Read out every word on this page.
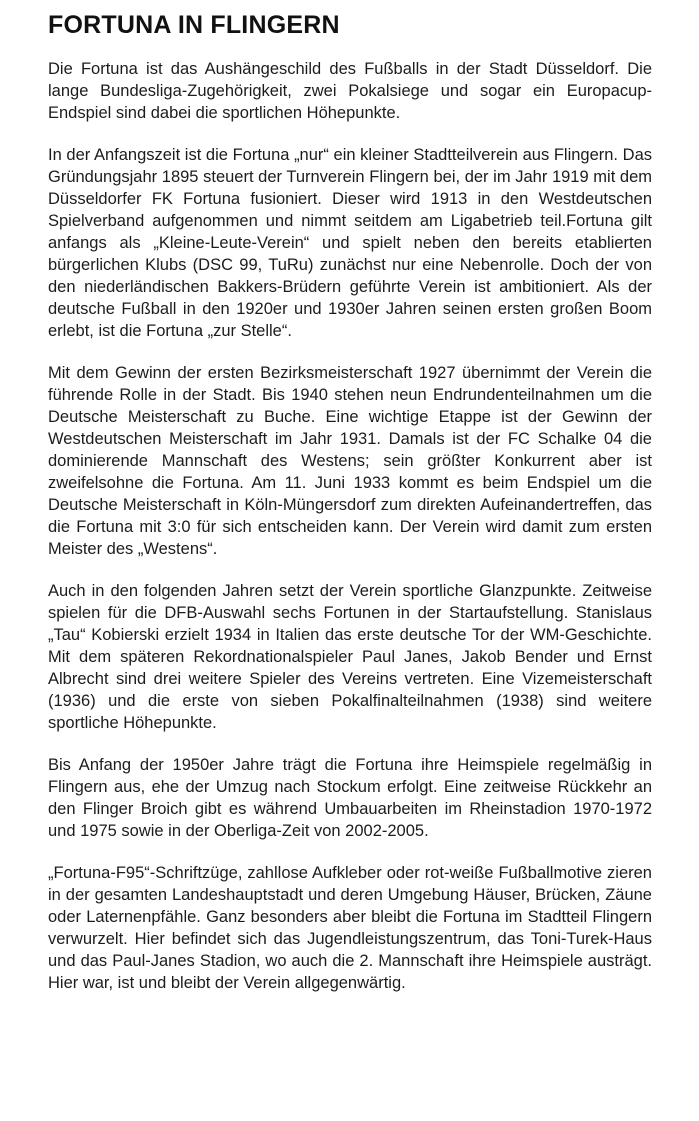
FORTUNA IN FLINGERN

Die Fortuna ist das Aushängeschild des Fußballs in der Stadt Düsseldorf. Die lange Bundesliga-Zugehörigkeit, zwei Pokalsiege und sogar ein Europacup-Endspiel sind dabei die sportlichen Höhepunkte.

In der Anfangszeit ist die Fortuna „nur“ ein kleiner Stadtteilverein aus Flingern. Das Gründungsjahr 1895 steuert der Turnverein Flingern bei, der im Jahr 1919 mit dem Düsseldorfer FK Fortuna fusioniert. Dieser wird 1913 in den Westdeutschen Spielverband aufgenommen und nimmt seitdem am Ligabetrieb teil.Fortuna gilt anfangs als „Kleine-Leute-Verein“ und spielt neben den bereits etablierten bürgerlichen Klubs (DSC 99, TuRu) zunächst nur eine Nebenrolle. Doch der von den niederländischen Bakkers-Brüdern geführte Verein ist ambitioniert. Als der deutsche Fußball in den 1920er und 1930er Jahren seinen ersten großen Boom erlebt, ist die Fortuna „zur Stelle“.

Mit dem Gewinn der ersten Bezirksmeisterschaft 1927 übernimmt der Verein die führende Rolle in der Stadt. Bis 1940 stehen neun Endrundenteilnahmen um die Deutsche Meisterschaft zu Buche. Eine wichtige Etappe ist der Gewinn der Westdeutschen Meisterschaft im Jahr 1931. Damals ist der FC Schalke 04 die dominierende Mannschaft des Westens; sein größter Konkurrent aber ist zweifelsohne die Fortuna. Am 11. Juni 1933 kommt es beim Endspiel um die Deutsche Meisterschaft in Köln-Müngersdorf zum direkten Aufeinandertreffen, das die Fortuna mit 3:0 für sich entscheiden kann. Der Verein wird damit zum ersten Meister des „Westens“.

Auch in den folgenden Jahren setzt der Verein sportliche Glanzpunkte. Zeitweise spielen für die DFB-Auswahl sechs Fortunen in der Startaufstellung. Stanislaus „Tau“ Kobierski erzielt 1934 in Italien das erste deutsche Tor der WM-Geschichte. Mit dem späteren Rekordnationalspieler Paul Janes, Jakob Bender und Ernst Albrecht sind drei weitere Spieler des Vereins vertreten. Eine Vizemeisterschaft (1936) und die erste von sieben Pokalfinalteilnahmen (1938) sind weitere sportliche Höhepunkte.

Bis Anfang der 1950er Jahre trägt die Fortuna ihre Heimspiele regelmäßig in Flingern aus, ehe der Umzug nach Stockum erfolgt. Eine zeitweise Rückkehr an den Flinger Broich gibt es während Umbauarbeiten im Rheinstadion 1970-1972 und 1975 sowie in der Oberliga-Zeit von 2002-2005.

„Fortuna-F95“-Schriftzüge, zahllose Aufkleber oder rot-weiße Fußballmotive zieren in der gesamten Landeshauptstadt und deren Umgebung Häuser, Brücken, Zäune oder Laternenpfähle. Ganz besonders aber bleibt die Fortuna im Stadtteil Flingern verwurzelt. Hier befindet sich das Jugendleistungszentrum, das Toni-Turek-Haus und das Paul-Janes Stadion, wo auch die 2. Mannschaft ihre Heimspiele austrägt. Hier war, ist und bleibt der Verein allgegenwärtig.
